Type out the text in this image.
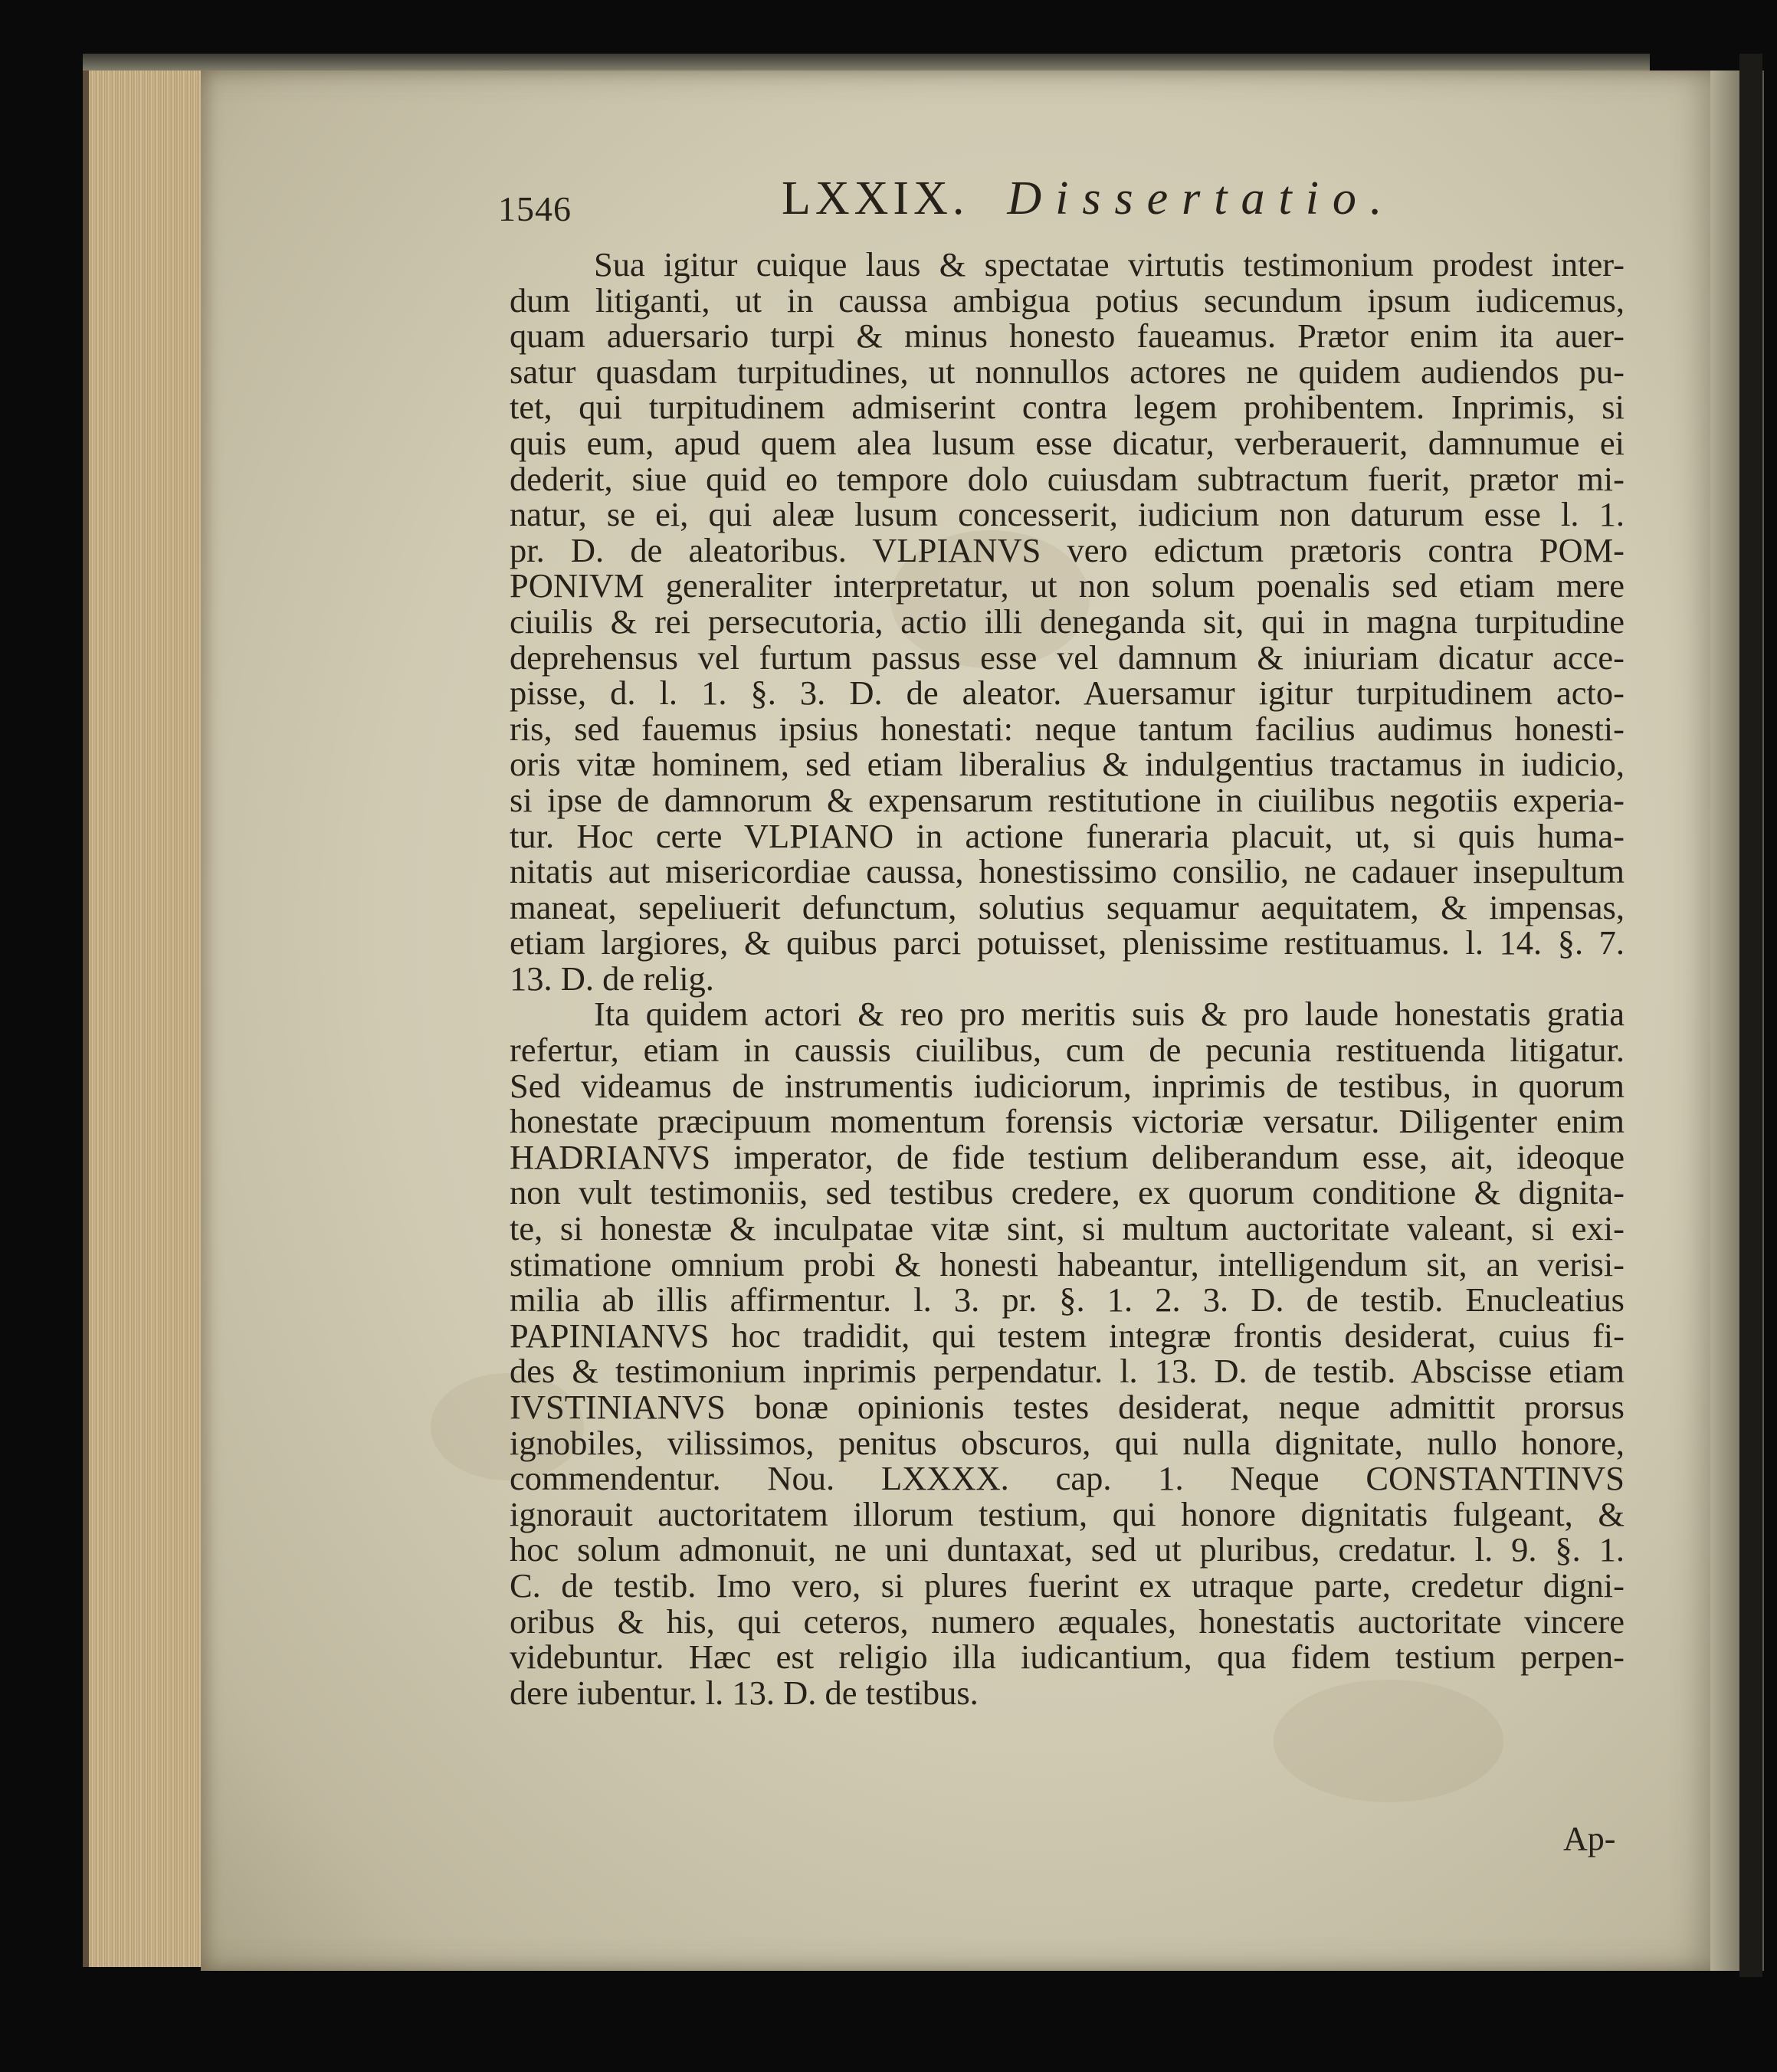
1546	LXXIX. Dissertatio.
Sua igitur cuique laus & spectatae virtutis testimonium prodest inter-
dum litiganti, ut in caussa ambigua potius secundum ipsum iudicemus,
quam aduersario turpi & minus honesto faueamus. Prætor enim ita auer-
satur quasdam turpitudines, ut nonnullos actores ne quidem audiendos pu-
tet, qui turpitudinem admiserint contra legem prohibentem. Inprimis, si
quis eum, apud quem alea lusum esse dicatur, verberauerit, damnumue ei
dederit, siue quid eo tempore dolo cuiusdam subtractum fuerit, prætor mi-
natur, se ei, qui aleæ lusum concesserit, iudicium non daturum esse l. 1.
pr. D. de aleatoribus. VLPIANVS vero edictum prætoris contra POM-
PONIVM generaliter interpretatur, ut non solum poenalis sed etiam mere
ciuilis & rei persecutoria, actio illi deneganda sit, qui in magna turpitudine
deprehensus vel furtum passus esse vel damnum & iniuriam dicatur acce-
pisse, d. l. 1. §. 3. D. de aleator. Auersamur igitur turpitudinem acto-
ris, sed fauemus ipsius honestati: neque tantum facilius audimus honesti-
oris vitæ hominem, sed etiam liberalius & indulgentius tractamus in iudicio,
si ipse de damnorum & expensarum restitutione in ciuilibus negotiis experia-
tur. Hoc certe VLPIANO in actione funeraria placuit, ut, si quis huma-
nitatis aut misericordiae caussa, honestissimo consilio, ne cadauer insepultum
maneat, sepeliuerit defunctum, solutius sequamur aequitatem, & impensas,
etiam largiores, & quibus parci potuisset, plenissime restituamus. l. 14. §. 7.
13. D. de relig.
Ita quidem actori & reo pro meritis suis & pro laude honestatis gratia
refertur, etiam in caussis ciuilibus, cum de pecunia restituenda litigatur.
Sed videamus de instrumentis iudiciorum, inprimis de testibus, in quorum
honestate præcipuum momentum forensis victoriæ versatur. Diligenter enim
HADRIANVS imperator, de fide testium deliberandum esse, ait, ideoque
non vult testimoniis, sed testibus credere, ex quorum conditione & dignita-
te, si honestæ & inculpatae vitæ sint, si multum auctoritate valeant, si exi-
stimatione omnium probi & honesti habeantur, intelligendum sit, an verisi-
milia ab illis affirmentur. l. 3. pr. §. 1. 2. 3. D. de testib. Enucleatius
PAPINIANVS hoc tradidit, qui testem integræ frontis desiderat, cuius fi-
des & testimonium inprimis perpendatur. l. 13. D. de testib. Abscisse etiam
IVSTINIANVS bonæ opinionis testes desiderat, neque admittit prorsus
ignobiles, vilissimos, penitus obscuros, qui nulla dignitate, nullo honore,
commendentur. Nou. LXXXX. cap. 1. Neque CONSTANTINVS
ignorauit auctoritatem illorum testium, qui honore dignitatis fulgeant, &
hoc solum admonuit, ne uni duntaxat, sed ut pluribus, credatur. l. 9. §. 1.
C. de testib. Imo vero, si plures fuerint ex utraque parte, credetur digni-
oribus & his, qui ceteros, numero æquales, honestatis auctoritate vincere
videbuntur. Hæc est religio illa iudicantium, qua fidem testium perpen-
dere iubentur. l. 13. D. de testibus.
Ap-
